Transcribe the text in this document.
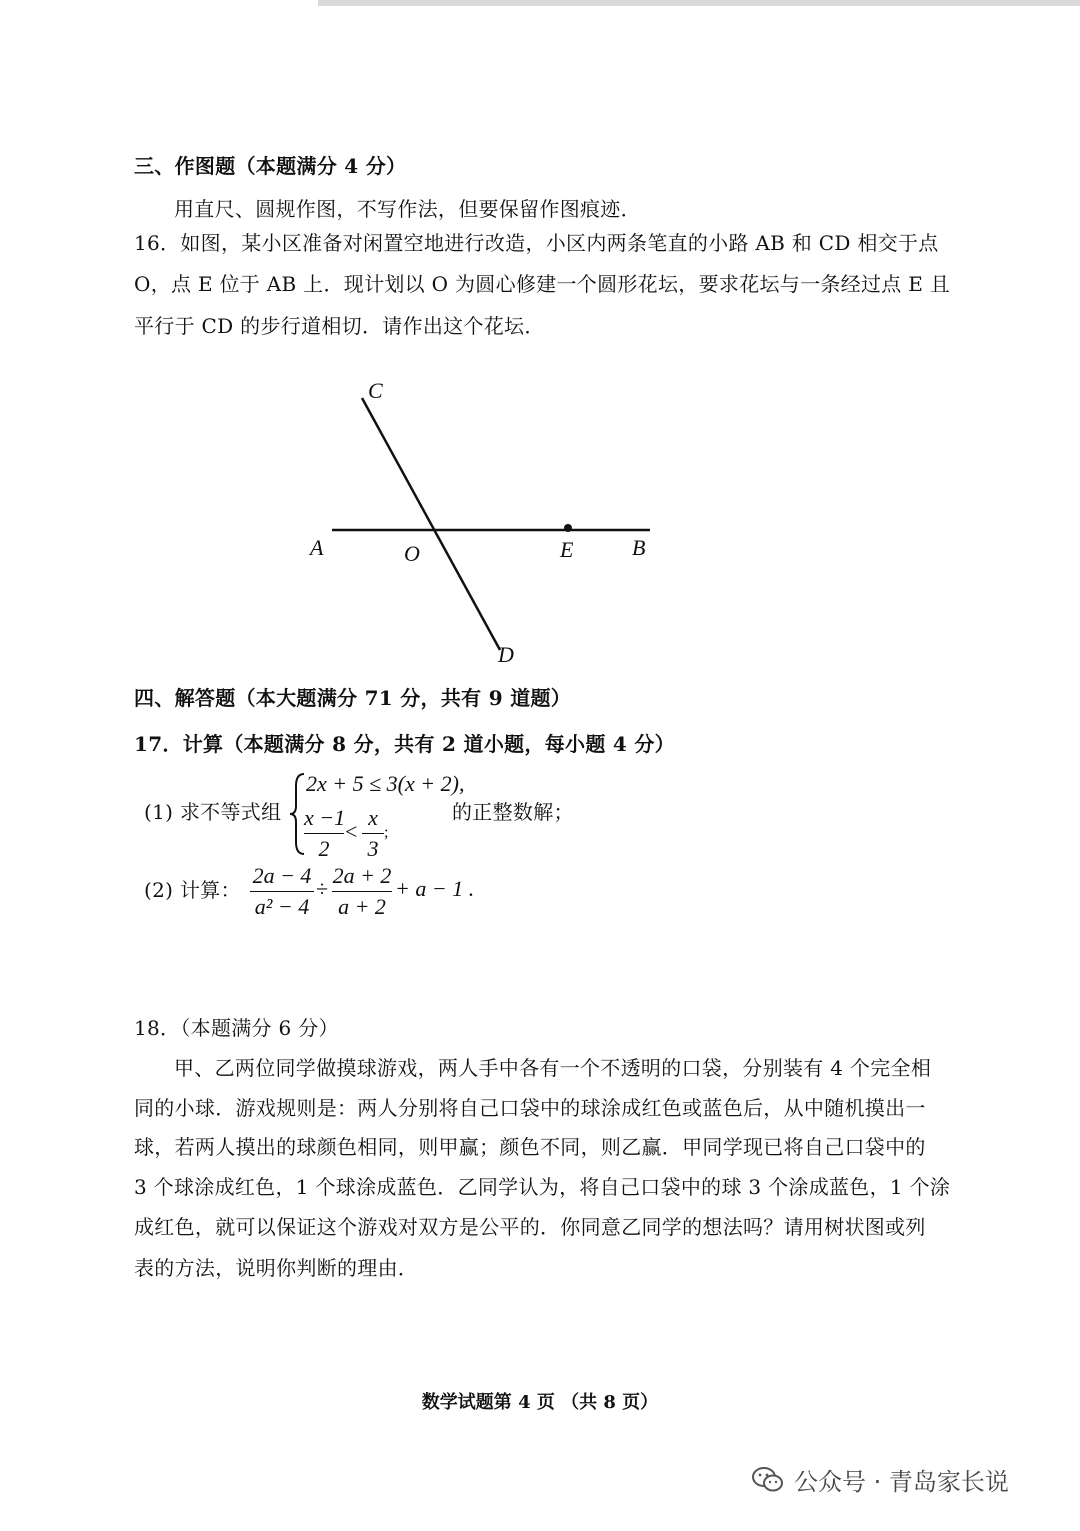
三、作图题（本题满分 4 分）
用直尺、圆规作图，不写作法，但要保留作图痕迹．
16．如图，某小区准备对闲置空地进行改造，小区内两条笔直的小路 AB 和 CD 相交于点
O，点 E 位于 AB 上．现计划以 O 为圆心修建一个圆形花坛，要求花坛与一条经过点 E 且
平行于 CD 的步行道相切．请作出这个花坛．
C
A	O	E	B
D
四、解答题（本大题满分 71 分，共有 9 道题）
17．计算（本题满分 8 分，共有 2 道小题，每小题 4 分）
(1) 求不等式组
2x + 5 ≤ 3(x + 2),
x −1
2
<
x
3
;
的正整数解；
(2) 计算：
2a − 4
a² − 4
÷
2a + 2
a + 2
+ a − 1 .
18．（本题满分 6 分）
甲、乙两位同学做摸球游戏，两人手中各有一个不透明的口袋，分别装有 4 个完全相
同的小球．游戏规则是：两人分别将自己口袋中的球涂成红色或蓝色后，从中随机摸出一
球，若两人摸出的球颜色相同，则甲赢；颜色不同，则乙赢．甲同学现已将自己口袋中的
3 个球涂成红色，1 个球涂成蓝色．乙同学认为，将自己口袋中的球 3 个涂成蓝色，1 个涂
成红色，就可以保证这个游戏对双方是公平的．你同意乙同学的想法吗？请用树状图或列
表的方法，说明你判断的理由．
数学试题第 4 页 （共 8 页）
公众号 · 青岛家长说
